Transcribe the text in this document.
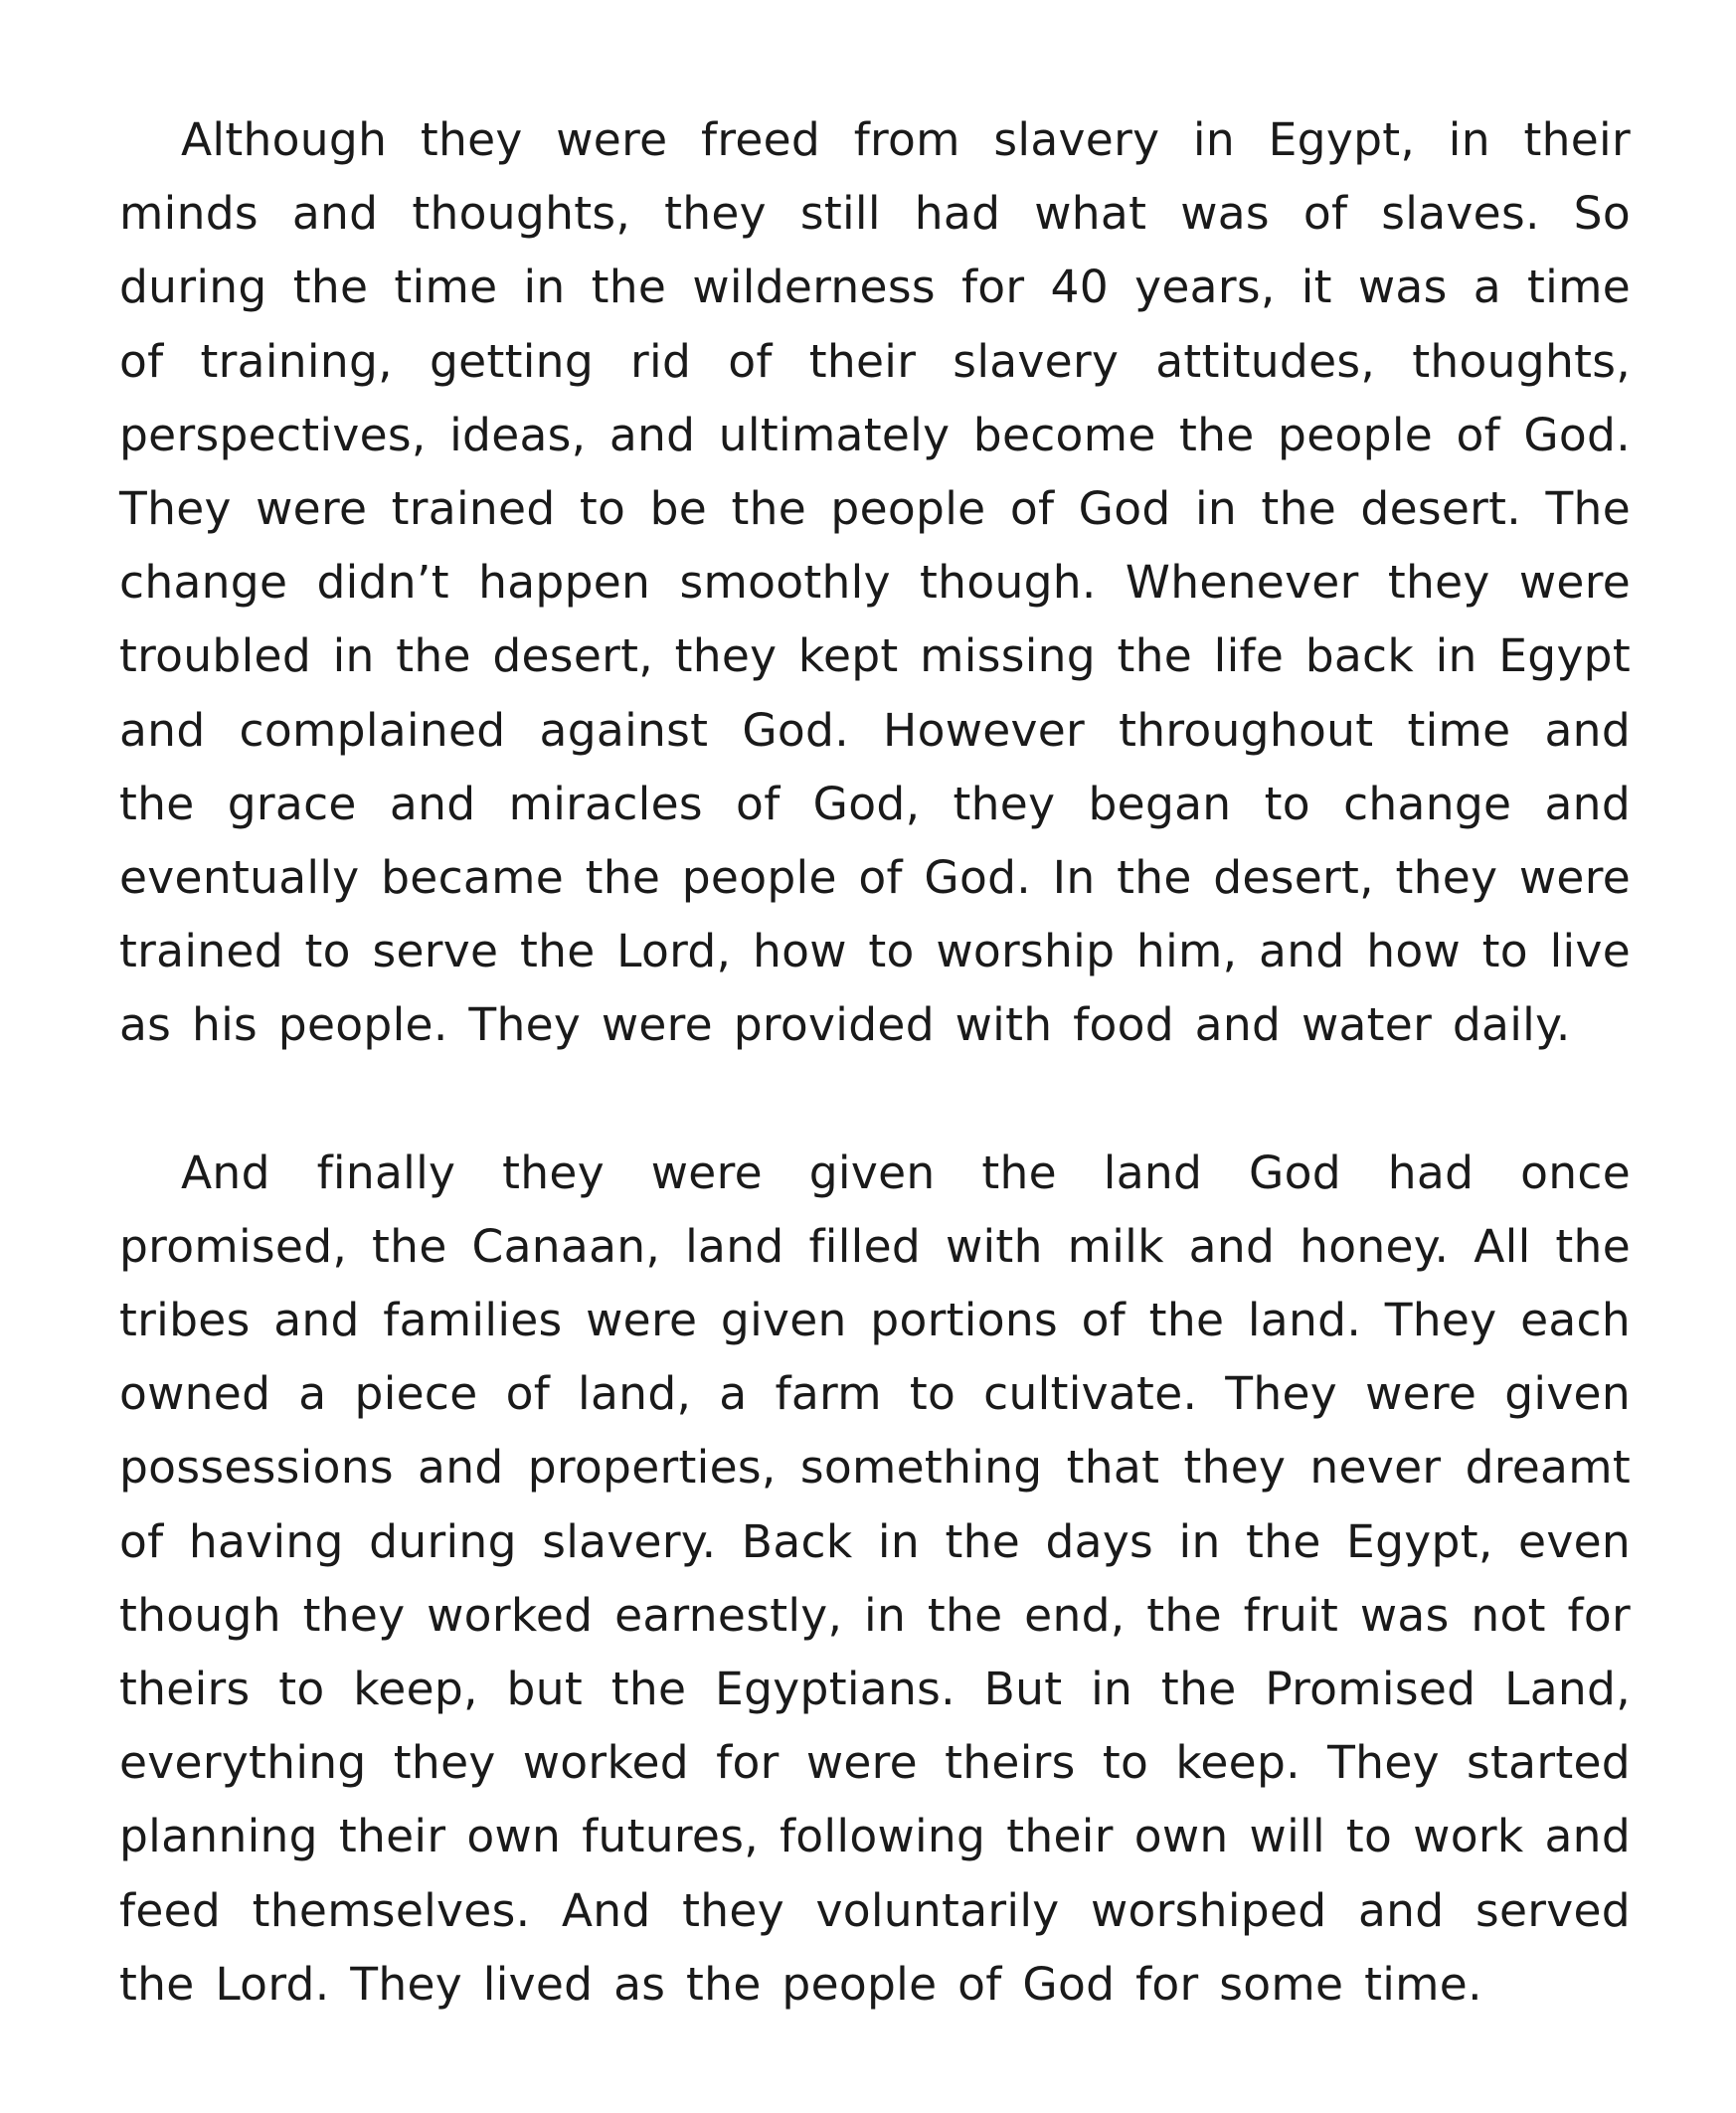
Although they were freed from slavery in Egypt, in their minds and thoughts, they still had what was of slaves. So during the time in the wilderness for 40 years, it was a time of training, getting rid of their slavery attitudes, thoughts, perspectives, ideas, and ultimately become the people of God. They were trained to be the people of God in the desert. The change didn’t happen smoothly though. Whenever they were troubled in the desert, they kept missing the life back in Egypt and complained against God. However throughout time and the grace and miracles of God, they began to change and eventually became the people of God. In the desert, they were trained to serve the Lord, how to worship him, and how to live as his people. They were provided with food and water daily.

And finally they were given the land God had once promised, the Canaan, land filled with milk and honey. All the tribes and families were given portions of the land. They each owned a piece of land, a farm to cultivate. They were given possessions and properties, something that they never dreamt of having during slavery. Back in the days in the Egypt, even though they worked earnestly, in the end, the fruit was not for theirs to keep, but the Egyptians. But in the Promised Land, everything they worked for were theirs to keep. They started planning their own futures, following their own will to work and feed themselves. And they voluntarily worshiped and served the Lord. They lived as the people of God for some time.
